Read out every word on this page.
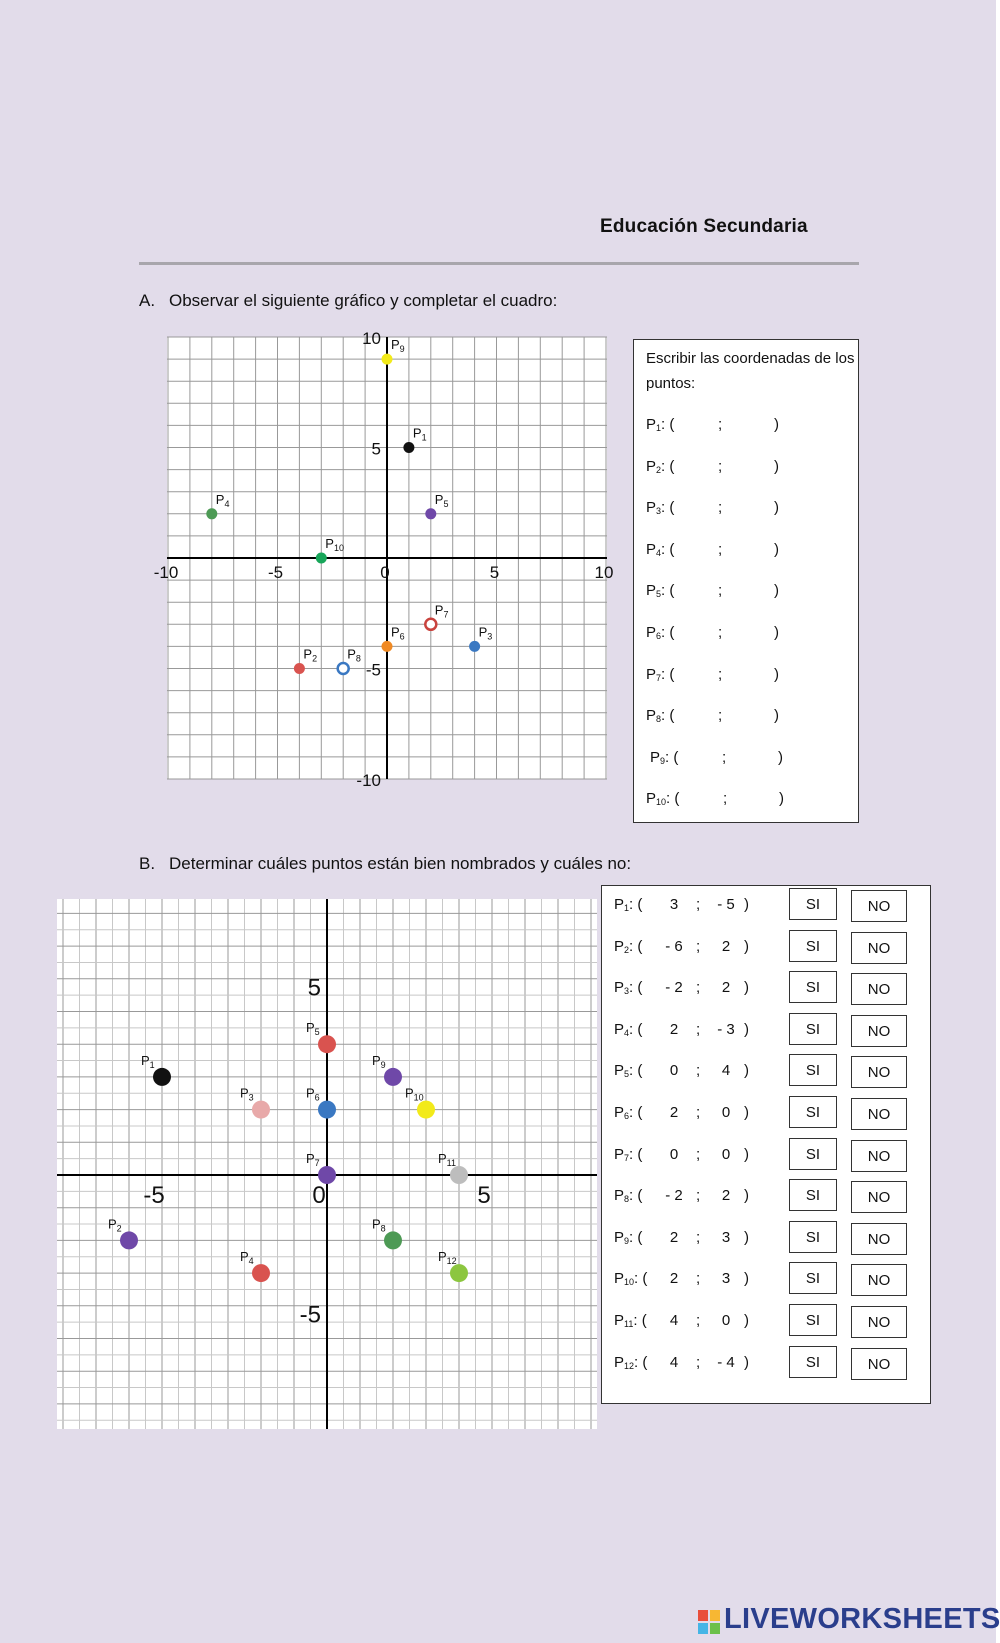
Educación Secundaria
A. Observar el siguiente gráfico y completar el cuadro:
-10	-5	0	5	10
10
5
-5
-10
$P_1$
$P_2$
$P_3$
$P_4$	$P_5$
$P_6$
$P_7$
$P_8$
$P_9$
$P_{10}$
Escribir las coordenadas de los puntos:
$P_1$: (	;	)
$P_2$: (	;	)
$P_3$: (	;	)
$P_4$: (	;	)
$P_5$: (	;	)
$P_6$: (	;	)
$P_7$: (	;	)
$P_8$: (	;	)
$P_9$: (	;	)
$P_{10}$: (	;	)
B. Determinar cuáles puntos están bien nombrados y cuáles no:
-5	0	5
5
-5
$P_1$
$P_2$
$P_3$
$P_4$
$P_5$
$P_6$
$P_7$
$P_8$
$P_9$
$P_{10}$
$P_{11}$
$P_{12}$
$P_1$: (	3	;	- 5 )	SI	NO
$P_2$: (	- 6 ;	2 )	SI	NO
$P_3$: (	- 2 ;	2 )	SI	NO
$P_4$: (	2	;	- 3 )	SI	NO
$P_5$: (	0	;	4 )	SI	NO
$P_6$: (	2	;	0 )	SI	NO
$P_7$: (	0	;	0 )	SI	NO
$P_8$: (	- 2 ;	2 )	SI	NO
$P_9$: (	2	;	3 )	SI	NO
$P_{10}$: (	2	;	3 )	SI	NO
$P_{11}$: (	4	;	0 )	SI	NO
$P_{12}$: (	4	;	- 4 )	SI	NO
LIVEWORKSHEETS
